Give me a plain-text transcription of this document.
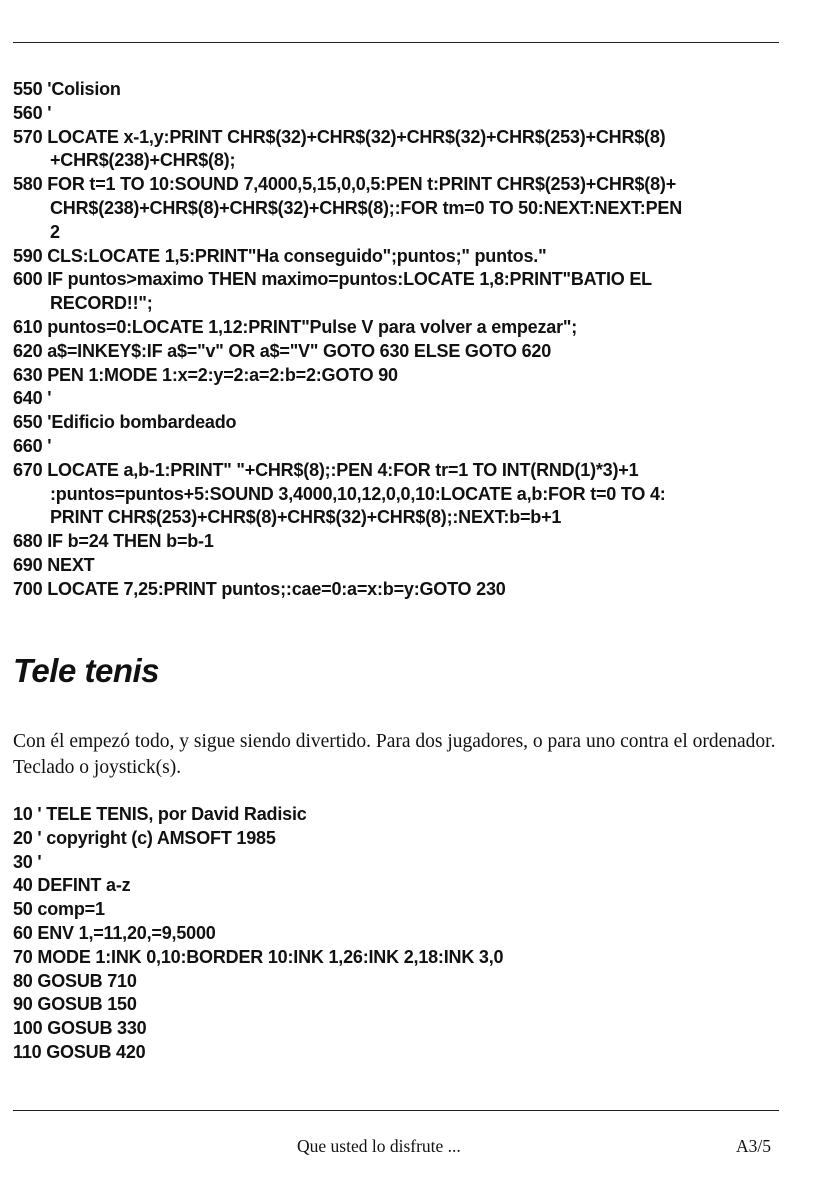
550 'Colision
560 '
570 LOCATE x-1,y:PRINT CHR$(32)+CHR$(32)+CHR$(32)+CHR$(253)+CHR$(8)
+CHR$(238)+CHR$(8);
580 FOR t=1 TO 10:SOUND 7,4000,5,15,0,0,5:PEN t:PRINT CHR$(253)+CHR$(8)+
CHR$(238)+CHR$(8)+CHR$(32)+CHR$(8);:FOR tm=0 TO 50:NEXT:NEXT:PEN
2
590 CLS:LOCATE 1,5:PRINT"Ha conseguido";puntos;" puntos."
600 IF puntos>maximo THEN maximo=puntos:LOCATE 1,8:PRINT"BATIO EL
RECORD!!";
610 puntos=0:LOCATE 1,12:PRINT"Pulse V para volver a empezar";
620 a$=INKEY$:IF a$="v" OR a$="V" GOTO 630 ELSE GOTO 620
630 PEN 1:MODE 1:x=2:y=2:a=2:b=2:GOTO 90
640 '
650 'Edificio bombardeado
660 '
670 LOCATE a,b-1:PRINT" "+CHR$(8);:PEN 4:FOR tr=1 TO INT(RND(1)*3)+1
:puntos=puntos+5:SOUND 3,4000,10,12,0,0,10:LOCATE a,b:FOR t=0 TO 4:
PRINT CHR$(253)+CHR$(8)+CHR$(32)+CHR$(8);:NEXT:b=b+1
680 IF b=24 THEN b=b-1
690 NEXT
700 LOCATE 7,25:PRINT puntos;:cae=0:a=x:b=y:GOTO 230
Tele tenis

Con él empezó todo, y sigue siendo divertido. Para dos jugadores, o para uno contra el ordenador. Teclado o joystick(s).

10 ' TELE TENIS, por David Radisic
20 ' copyright (c) AMSOFT 1985
30 '
40 DEFINT a-z
50 comp=1
60 ENV 1,=11,20,=9,5000
70 MODE 1:INK 0,10:BORDER 10:INK 1,26:INK 2,18:INK 3,0
80 GOSUB 710
90 GOSUB 150
100 GOSUB 330
110 GOSUB 420
Que usted lo disfrute ...	A3/5
